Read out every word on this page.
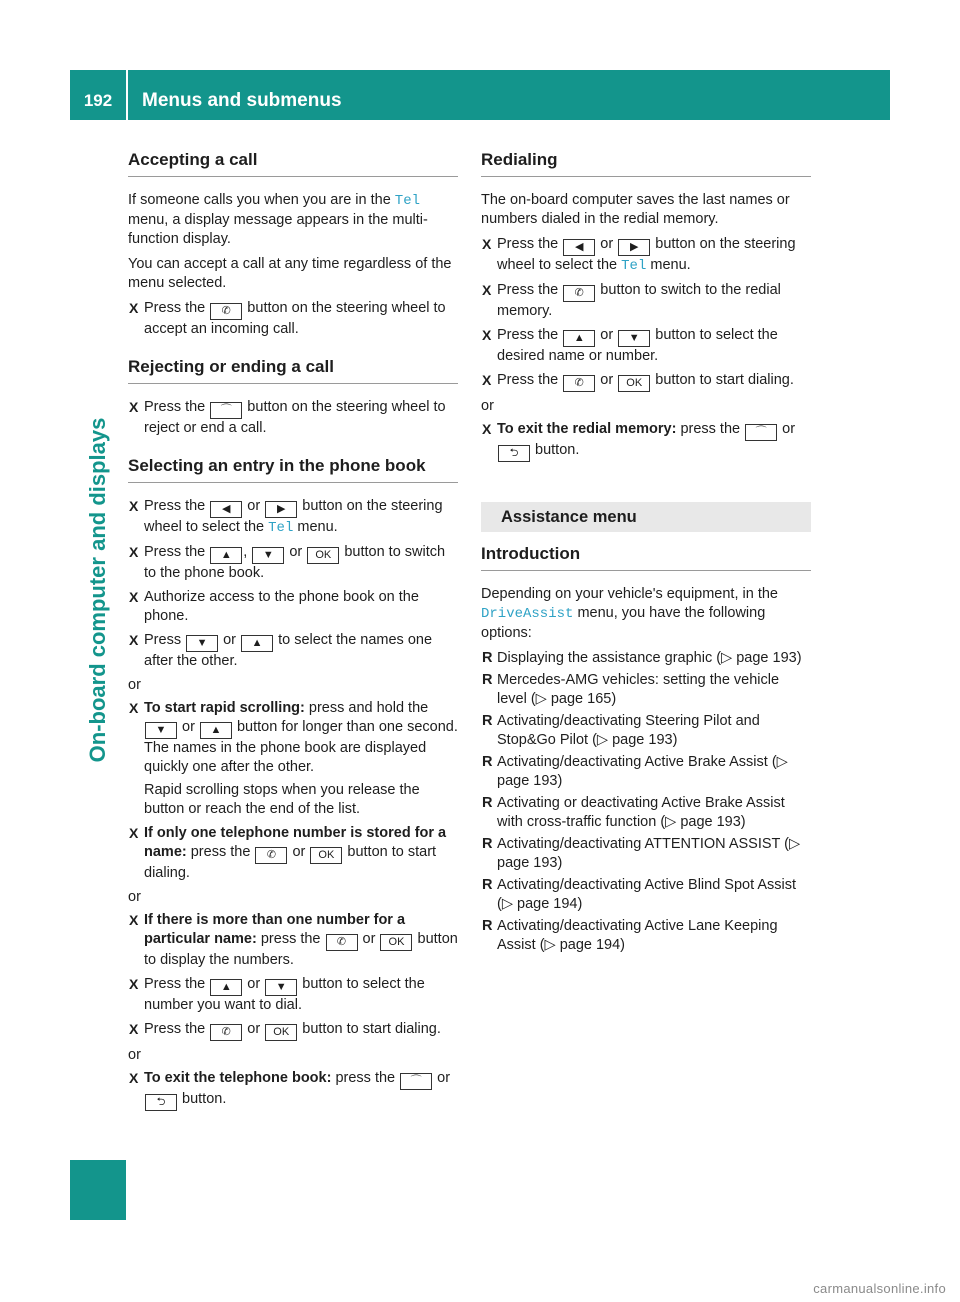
192	Menus and submenus
On-board computer and displays
Accepting a call

If someone calls you when you are in the Tel menu, a display message appears in the multi-function display.

You can accept a call at any time regardless of the menu selected.

X Press the ✆ button on the steering wheel to accept an incoming call.
Rejecting or ending a call
X Press the ⌒ button on the steering wheel to reject or end a call.
Selecting an entry in the phone book
X Press the ◀ or ▶ button on the steering wheel to select the Tel menu.
X Press the ▲ , ▼ or OK button to switch to the phone book.
X Authorize access to the phone book on the phone.
X Press ▼ or ▲ to select the names one after the other.

or

X To start rapid scrolling: press and hold the ▼ or ▲ button for longer than one second.
The names in the phone book are displayed quickly one after the other.
Rapid scrolling stops when you release the button or reach the end of the list.
X If only one telephone number is stored for a name: press the ✆ or OK button to start dialing.

or

X If there is more than one number for a particular name: press the ✆ or OK button to display the numbers.
X Press the ▲ or ▼ button to select the number you want to dial.
X Press the ✆ or OK button to start dialing.

or

X To exit the telephone book: press the ⌒ or ⮌ button.
Redialing

The on-board computer saves the last names or numbers dialed in the redial memory.

X Press the ◀ or ▶ button on the steering wheel to select the Tel menu.
X Press the ✆ button to switch to the redial memory.
X Press the ▲ or ▼ button to select the desired name or number.
X Press the ✆ or OK button to start dialing.

or

X To exit the redial memory: press the ⌒ or ⮌ button.
Assistance menu
Introduction

Depending on your vehicle's equipment, in the DriveAssist menu, you have the following options:

R Displaying the assistance graphic (▷ page 193)
R Mercedes-AMG vehicles: setting the vehicle level (▷ page 165)
R Activating/deactivating Steering Pilot and Stop&Go Pilot (▷ page 193)
R Activating/deactivating Active Brake Assist (▷ page 193)
R Activating or deactivating Active Brake Assist with cross-traffic function (▷ page 193)
R Activating/deactivating ATTENTION ASSIST (▷ page 193)
R Activating/deactivating Active Blind Spot Assist (▷ page 194)
R Activating/deactivating Active Lane Keeping Assist (▷ page 194)
carmanualsonline.info
